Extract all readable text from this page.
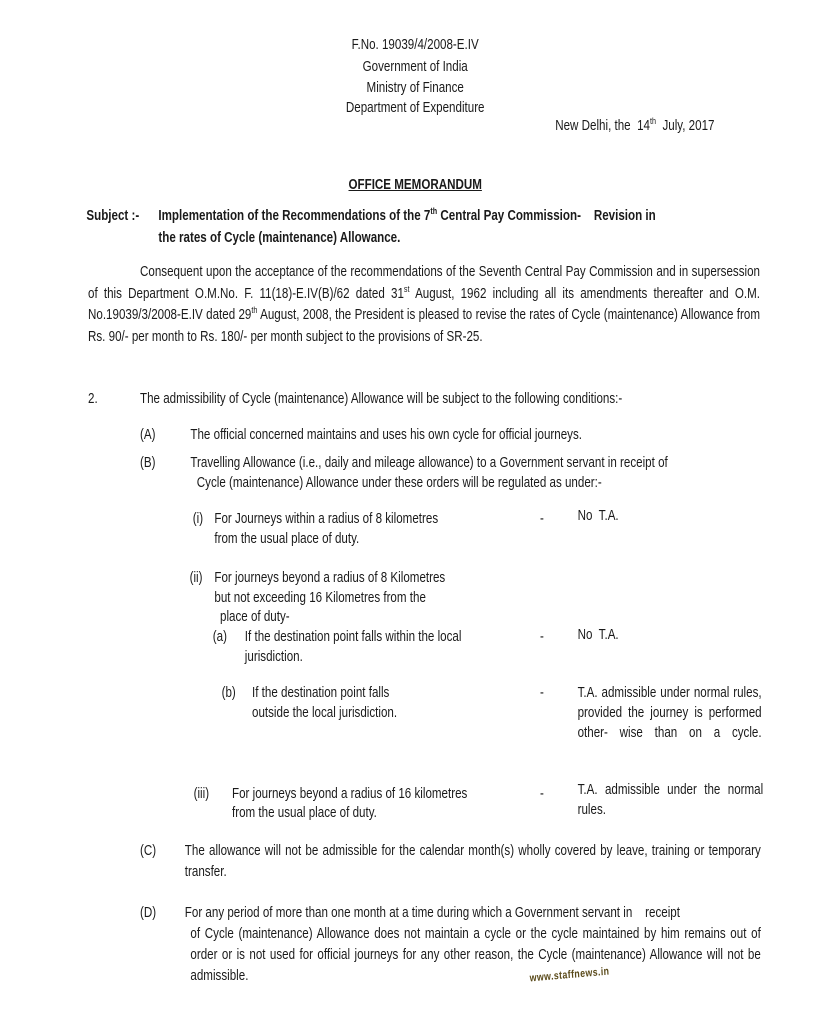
F.No. 19039/4/2008-E.IV
Government of India
Ministry of Finance
Department of Expenditure
New Delhi, the 14th July, 2017
OFFICE MEMORANDUM
Subject :- Implementation of the Recommendations of the 7th Central Pay Commission-    Revision in
the rates of Cycle (maintenance) Allowance.
Consequent upon the acceptance of the recommendations of the Seventh Central Pay Commission and in supersession of this Department O.M.No. F. 11(18)-E.IV(B)/62 dated 31st August, 1962 including all its amendments thereafter and O.M. No.19039/3/2008-E.IV dated 29th August, 2008, the President is pleased to revise the rates of Cycle (maintenance) Allowance from Rs. 90/- per month to Rs. 180/- per month subject to the provisions of SR-25.
2.	The admissibility of Cycle (maintenance) Allowance will be subject to the following conditions:-
(A) The official concerned maintains and uses his own cycle for official journeys.
(B) Travelling Allowance (i.e., daily and mileage allowance) to a Government servant in receipt of
Cycle (maintenance) Allowance under these orders will be regulated as under:-
(i) For Journeys within a radius of 8 kilometres
from the usual place of duty.
- No  T.A.
(ii) For journeys beyond a radius of 8 Kilometres
but not exceeding 16 Kilometres from the
place of duty-
(a) If the destination point falls within the local
jurisdiction.
- No  T.A.
(b) If the destination point falls
outside the local jurisdiction.
- T.A. admissible under normal rules, provided the journey is performed other- wise than on a cycle.
(iii) For journeys beyond a radius of 16 kilometres
from the usual place of duty.
- T.A. admissible under the normal rules.
(C) The allowance will not be admissible for the calendar month(s) wholly covered by leave, training or temporary transfer.
(D) For any period of more than one month at a time during which a Government servant in    receipt
of Cycle (maintenance) Allowance does not maintain a cycle or the cycle maintained by him remains out of order or is not used for official journeys for any other reason, the Cycle (maintenance) Allowance will not be admissible.	www.staffnews.in
